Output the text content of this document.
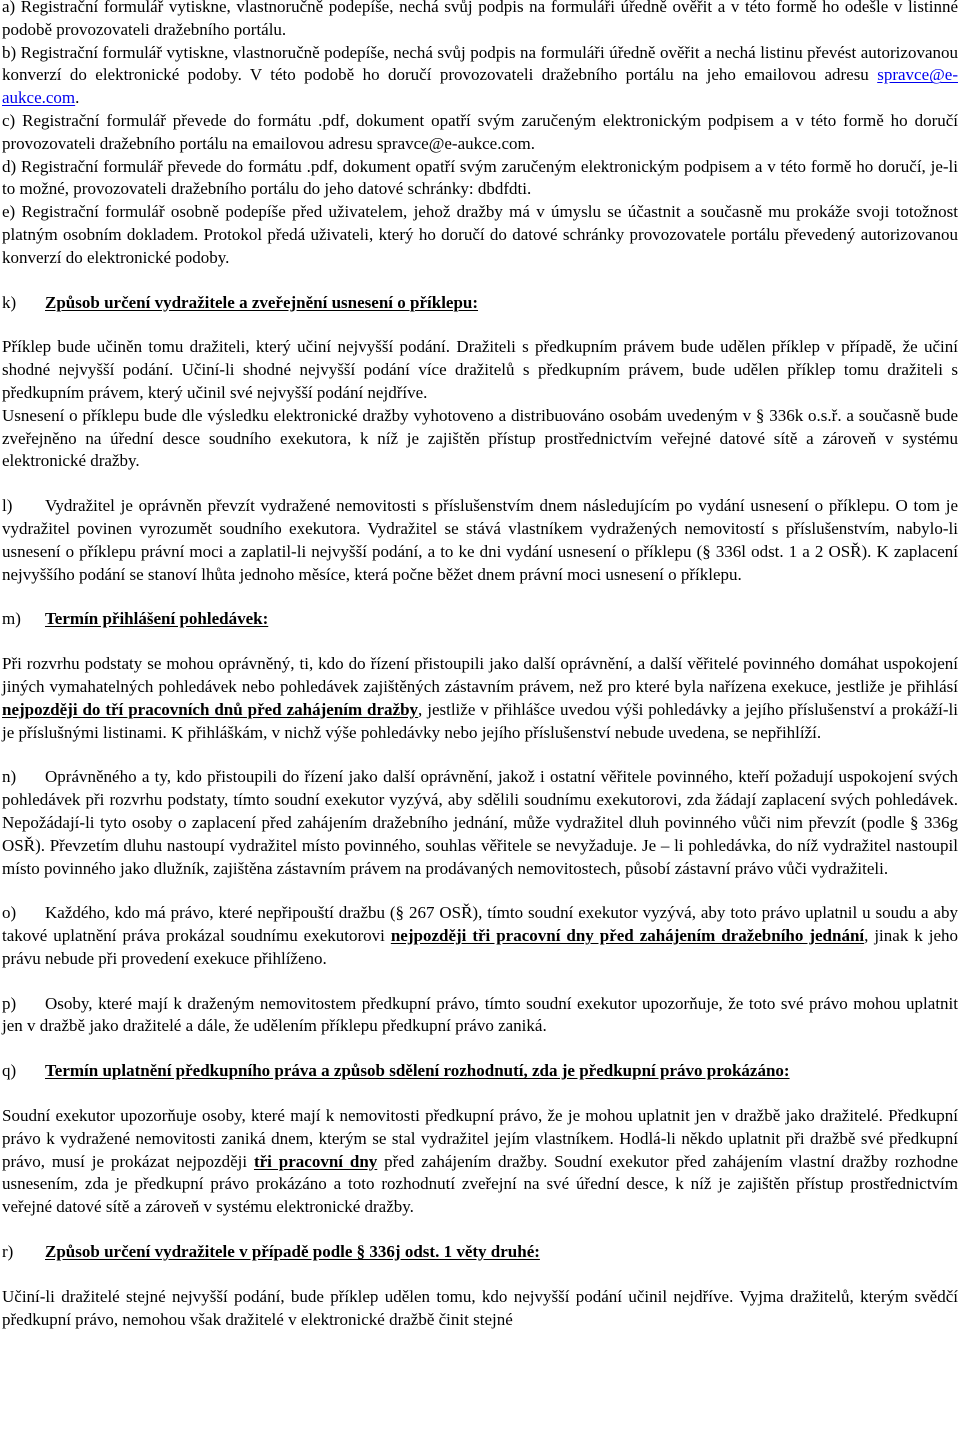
a) Registrační formulář vytiskne, vlastnoručně podepíše, nechá svůj podpis na formuláři úředně ověřit a v této formě ho odešle v listinné podobě provozovateli dražebního portálu.

b) Registrační formulář vytiskne, vlastnoručně podepíše, nechá svůj podpis na formuláři úředně ověřit a nechá listinu převést autorizovanou konverzí do elektronické podoby. V této podobě ho doručí provozovateli dražebního portálu na jeho emailovou adresu spravce@e-aukce.com.

c) Registrační formulář převede do formátu .pdf, dokument opatří svým zaručeným elektronickým podpisem a v této formě ho doručí provozovateli dražebního portálu na emailovou adresu spravce@e-aukce.com.

d) Registrační formulář převede do formátu .pdf, dokument opatří svým zaručeným elektronickým podpisem a v této formě ho doručí, je-li to možné, provozovateli dražebního portálu do jeho datové schránky: dbdfdti.

e) Registrační formulář osobně podepíše před uživatelem, jehož dražby má v úmyslu se účastnit a současně mu prokáže svoji totožnost platným osobním dokladem. Protokol předá uživateli, který ho doručí do datové schránky provozovatele portálu převedený autorizovanou konverzí do elektronické podoby.

k)	Způsob určení vydražitele a zveřejnění usnesení o příklepu:

Příklep bude učiněn tomu dražiteli, který učiní nejvyšší podání. Dražiteli s předkupním právem bude udělen příklep v případě, že učiní shodné nejvyšší podání. Učiní-li shodné nejvyšší podání více dražitelů s předkupním právem, bude udělen příklep tomu dražiteli s předkupním právem, který učinil své nejvyšší podání nejdříve.

Usnesení o příklepu bude dle výsledku elektronické dražby vyhotoveno a distribuováno osobám uvedeným v § 336k o.s.ř. a současně bude zveřejněno na úřední desce soudního exekutora, k níž je zajištěn přístup prostřednictvím veřejné datové sítě a zároveň v systému elektronické dražby.

l) Vydražitel je oprávněn převzít vydražené nemovitosti s příslušenstvím dnem následujícím po vydání usnesení o příklepu. O tom je vydražitel povinen vyrozumět soudního exekutora. Vydražitel se stává vlastníkem vydražených nemovitostí s příslušenstvím, nabylo-li usnesení o příklepu právní moci a zaplatil-li nejvyšší podání, a to ke dni vydání usnesení o příklepu (§ 336l odst. 1 a 2 OSŘ). K zaplacení nejvyššího podání se stanoví lhůta jednoho měsíce, která počne běžet dnem právní moci usnesení o příklepu.

m)	Termín přihlášení pohledávek:

Při rozvrhu podstaty se mohou oprávněný, ti, kdo do řízení přistoupili jako další oprávnění, a další věřitelé povinného domáhat uspokojení jiných vymahatelných pohledávek nebo pohledávek zajištěných zástavním právem, než pro které byla nařízena exekuce, jestliže je přihlásí nejpozději do tří pracovních dnů před zahájením dražby, jestliže v přihlášce uvedou výši pohledávky a jejího příslušenství a prokáží-li je příslušnými listinami. K přihláškám, v nichž výše pohledávky nebo jejího příslušenství nebude uvedena, se nepřihlíží.

n) Oprávněného a ty, kdo přistoupili do řízení jako další oprávnění, jakož i ostatní věřitele povinného, kteří požadují uspokojení svých pohledávek při rozvrhu podstaty, tímto soudní exekutor vyzývá, aby sdělili soudnímu exekutorovi, zda žádají zaplacení svých pohledávek. Nepožádají-li tyto osoby o zaplacení před zahájením dražebního jednání, může vydražitel dluh povinného vůči nim převzít (podle § 336g OSŘ). Převzetím dluhu nastoupí vydražitel místo povinného, souhlas věřitele se nevyžaduje. Je – li pohledávka, do níž vydražitel nastoupil místo povinného jako dlužník, zajištěna zástavním právem na prodávaných nemovitostech, působí zástavní právo vůči vydražiteli.

o) Každého, kdo má právo, které nepřipouští dražbu (§ 267 OSŘ), tímto soudní exekutor vyzývá, aby toto právo uplatnil u soudu a aby takové uplatnění práva prokázal soudnímu exekutorovi nejpozději tři pracovní dny před zahájením dražebního jednání, jinak k jeho právu nebude při provedení exekuce přihlíženo.

p) Osoby, které mají k draženým nemovitostem předkupní právo, tímto soudní exekutor upozorňuje, že toto své právo mohou uplatnit jen v dražbě jako dražitelé a dále, že udělením příklepu předkupní právo zaniká.

q)	Termín uplatnění předkupního práva a způsob sdělení rozhodnutí, zda je předkupní právo prokázáno:

Soudní exekutor upozorňuje osoby, které mají k nemovitosti předkupní právo, že je mohou uplatnit jen v dražbě jako dražitelé. Předkupní právo k vydražené nemovitosti zaniká dnem, kterým se stal vydražitel jejím vlastníkem. Hodlá-li někdo uplatnit při dražbě své předkupní právo, musí je prokázat nejpozději tři pracovní dny před zahájením dražby. Soudní exekutor před zahájením vlastní dražby rozhodne usnesením, zda je předkupní právo prokázáno a toto rozhodnutí zveřejní na své úřední desce, k níž je zajištěn přístup prostřednictvím veřejné datové sítě a zároveň v systému elektronické dražby.

r)	Způsob určení vydražitele v případě podle § 336j odst. 1 věty druhé:

Učiní-li dražitelé stejné nejvyšší podání, bude příklep udělen tomu, kdo nejvyšší podání učinil nejdříve. Vyjma dražitelů, kterým svědčí předkupní právo, nemohou však dražitelé v elektronické dražbě činit stejné
